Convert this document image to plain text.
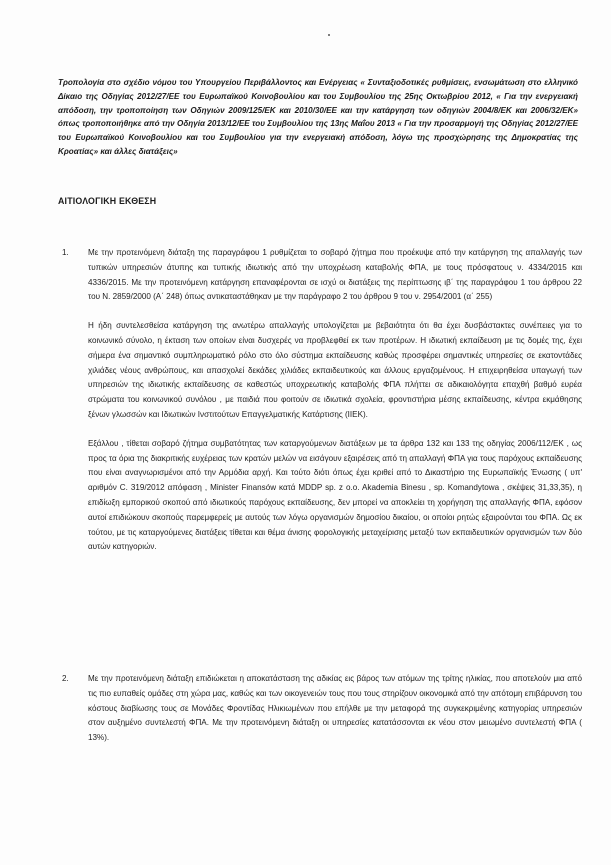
Τροπολογία στο σχέδιο νόμου του Υπουργείου Περιβάλλοντος και Ενέργειας « Συνταξιοδοτικές ρυθμίσεις, ενσωμάτωση στο ελληνικό Δίκαιο της Οδηγίας 2012/27/ΕΕ του Ευρωπαϊκού Κοινοβουλίου και του Συμβουλίου της 25ης Οκτωβρίου 2012, « Για την ενεργειακή απόδοση, την τροποποίηση των Οδηγιών 2009/125/ΕΚ και 2010/30/ΕΕ και την κατάργηση των οδηγιών 2004/8/ΕΚ και 2006/32/ΕΚ» όπως τροποποιήθηκε από την Οδηγία 2013/12/ΕΕ του Συμβουλίου της 13ης Μαΐου 2013 « Για την προσαρμογή της Οδηγίας 2012/27/ΕΕ του Ευρωπαϊκού Κοινοβουλίου και του Συμβουλίου για την ενεργειακή απόδοση, λόγω της προσχώρησης της Δημοκρατίας της Κροατίας» και άλλες διατάξεις»
ΑΙΤΙΟΛΟΓΙΚΗ ΕΚΘΕΣΗ
1.	Με την προτεινόμενη διάταξη της παραγράφου 1 ρυθμίζεται το σοβαρό ζήτημα που προέκυψε από την κατάργηση της απαλλαγής των τυπικών υπηρεσιών άτυπης και τυπικής ιδιωτικής από την υποχρέωση καταβολής ΦΠΑ, με τους πρόσφατους ν. 4334/2015 και 4336/2015. Με την προτεινόμενη κατάργηση επαναφέρονται σε ισχύ οι διατάξεις της περίπτωσης ιβ΄ της παραγράφου 1 του άρθρου 22 του Ν. 2859/2000 (Α΄ 248) όπως αντικαταστάθηκαν με την παράγραφο 2 του άρθρου 9 του ν. 2954/2001 (α΄ 255)

Η ήδη συντελεσθείσα κατάργηση της ανωτέρω απαλλαγής υπολογίζεται με βεβαιότητα ότι θα έχει δυσβάστακτες συνέπειες για το κοινωνικό σύνολο, η έκταση των οποίων είναι δυσχερές να προβλεφθεί εκ των προτέρων. Η ιδιωτική εκπαίδευση με τις δομές της, έχει σήμερα ένα σημαντικό συμπληρωματικό ρόλο στο όλο σύστημα εκπαίδευσης καθώς προσφέρει σημαντικές υπηρεσίες σε εκατοντάδες χιλιάδες νέους ανθρώπους, και απασχολεί δεκάδες χιλιάδες εκπαιδευτικούς και άλλους εργαζομένους. Η επιχειρηθείσα υπαγωγή των υπηρεσιών της ιδιωτικής εκπαίδευσης σε καθεστώς υποχρεωτικής καταβολής ΦΠΑ πλήττει σε αδικαιολόγητα επαχθή βαθμό ευρέα στρώματα του κοινωνικού συνόλου , με παιδιά που φοιτούν σε ιδιωτικά σχολεία, φροντιστήρια μέσης εκπαίδευσης, κέντρα εκμάθησης ξένων γλωσσών και Ιδιωτικών Ινστιτούτων Επαγγελματικής Κατάρτισης (ΙΙΕΚ).

Εξάλλου , τίθεται σοβαρό ζήτημα συμβατότητας των καταργούμενων διατάξεων με τα άρθρα 132 και 133 της οδηγίας 2006/112/ΕΚ , ως προς τα όρια της διακριτικής ευχέρειας των κρατών μελών να εισάγουν εξαιρέσεις από τη απαλλαγή ΦΠΑ για τους παρόχους εκπαίδευσης που είναι αναγνωρισμένοι από την Αρμόδια αρχή. Και τούτο διότι όπως έχει κριθεί από το Δικαστήριο της Ευρωπαϊκής Ένωσης ( υπ' αριθμόν C. 319/2012 απόφαση , Minister Finansów κατά MDDP sp. z o.o. Akademia Binesu , sp. Komandytowa , σκέψεις 31,33,35), η επιδίωξη εμπορικού σκοπού από ιδιωτικούς παρόχους εκπαίδευσης, δεν μπορεί να αποκλείει τη χορήγηση της απαλλαγής ΦΠΑ, εφόσον αυτοί επιδιώκουν σκοπούς παρεμφερείς με αυτούς των λόγω οργανισμών δημοσίου δικαίου, οι οποίοι ρητώς εξαιρούνται του ΦΠΑ. Ως εκ τούτου, με τις καταργούμενες διατάξεις τίθεται και θέμα άνισης φορολογικής μεταχείρισης μεταξύ των εκπαιδευτικών οργανισμών των δύο αυτών κατηγοριών.

2.	Με την προτεινόμενη διάταξη επιδιώκεται η αποκατάσταση της αδικίας εις βάρος των ατόμων της τρίτης ηλικίας, που αποτελούν μια από τις πιο ευπαθείς ομάδες στη χώρα μας, καθώς και των οικογενειών τους που τους στηρίζουν οικονομικά από την απότομη επιβάρυνση του κόστους διαβίωσης τους σε Μονάδες Φροντίδας Ηλικιωμένων που επήλθε με την μεταφορά της συγκεκριμένης κατηγορίας υπηρεσιών στον αυξημένο συντελεστή ΦΠΑ. Με την προτεινόμενη διάταξη οι υπηρεσίες κατατάσσονται εκ νέου στον μειωμένο συντελεστή ΦΠΑ ( 13%).
